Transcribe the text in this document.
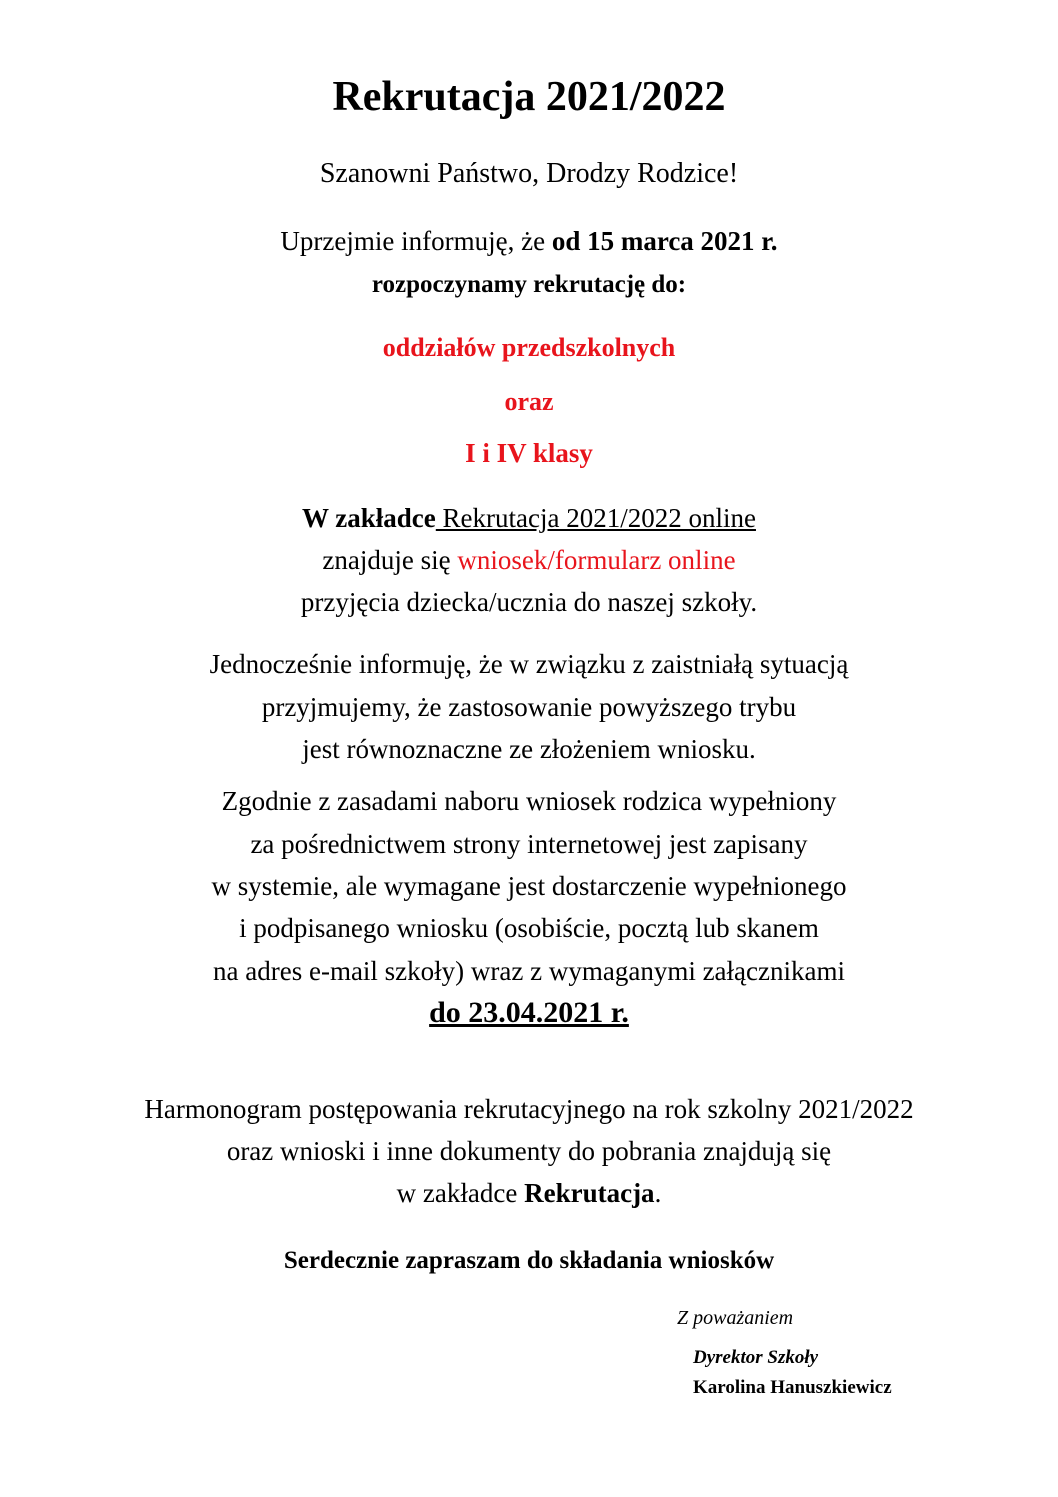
Rekrutacja 2021/2022
Szanowni Państwo, Drodzy Rodzice!
Uprzejmie informuję, że od 15 marca 2021 r.
rozpoczynamy rekrutację do:
oddziałów przedszkolnych
oraz
I i IV klasy
W zakładce Rekrutacja 2021/2022 online
znajduje się wniosek/formularz online
przyjęcia dziecka/ucznia do naszej szkoły.
Jednocześnie informuję, że w związku z zaistniałą sytuacją
przyjmujemy, że zastosowanie powyższego trybu
jest równoznaczne ze złożeniem wniosku.
Zgodnie z zasadami naboru wniosek rodzica wypełniony
za pośrednictwem strony internetowej jest zapisany
w systemie, ale wymagane jest dostarczenie wypełnionego
i podpisanego wniosku (osobiście, pocztą lub skanem
na adres e-mail szkoły) wraz z wymaganymi załącznikami
do 23.04.2021 r.
Harmonogram postępowania rekrutacyjnego na rok szkolny 2021/2022
oraz wnioski i inne dokumenty do pobrania znajdują się
w zakładce Rekrutacja.
Serdecznie zapraszam do składania wniosków
Z poważaniem
Dyrektor Szkoły
Karolina Hanuszkiewicz
